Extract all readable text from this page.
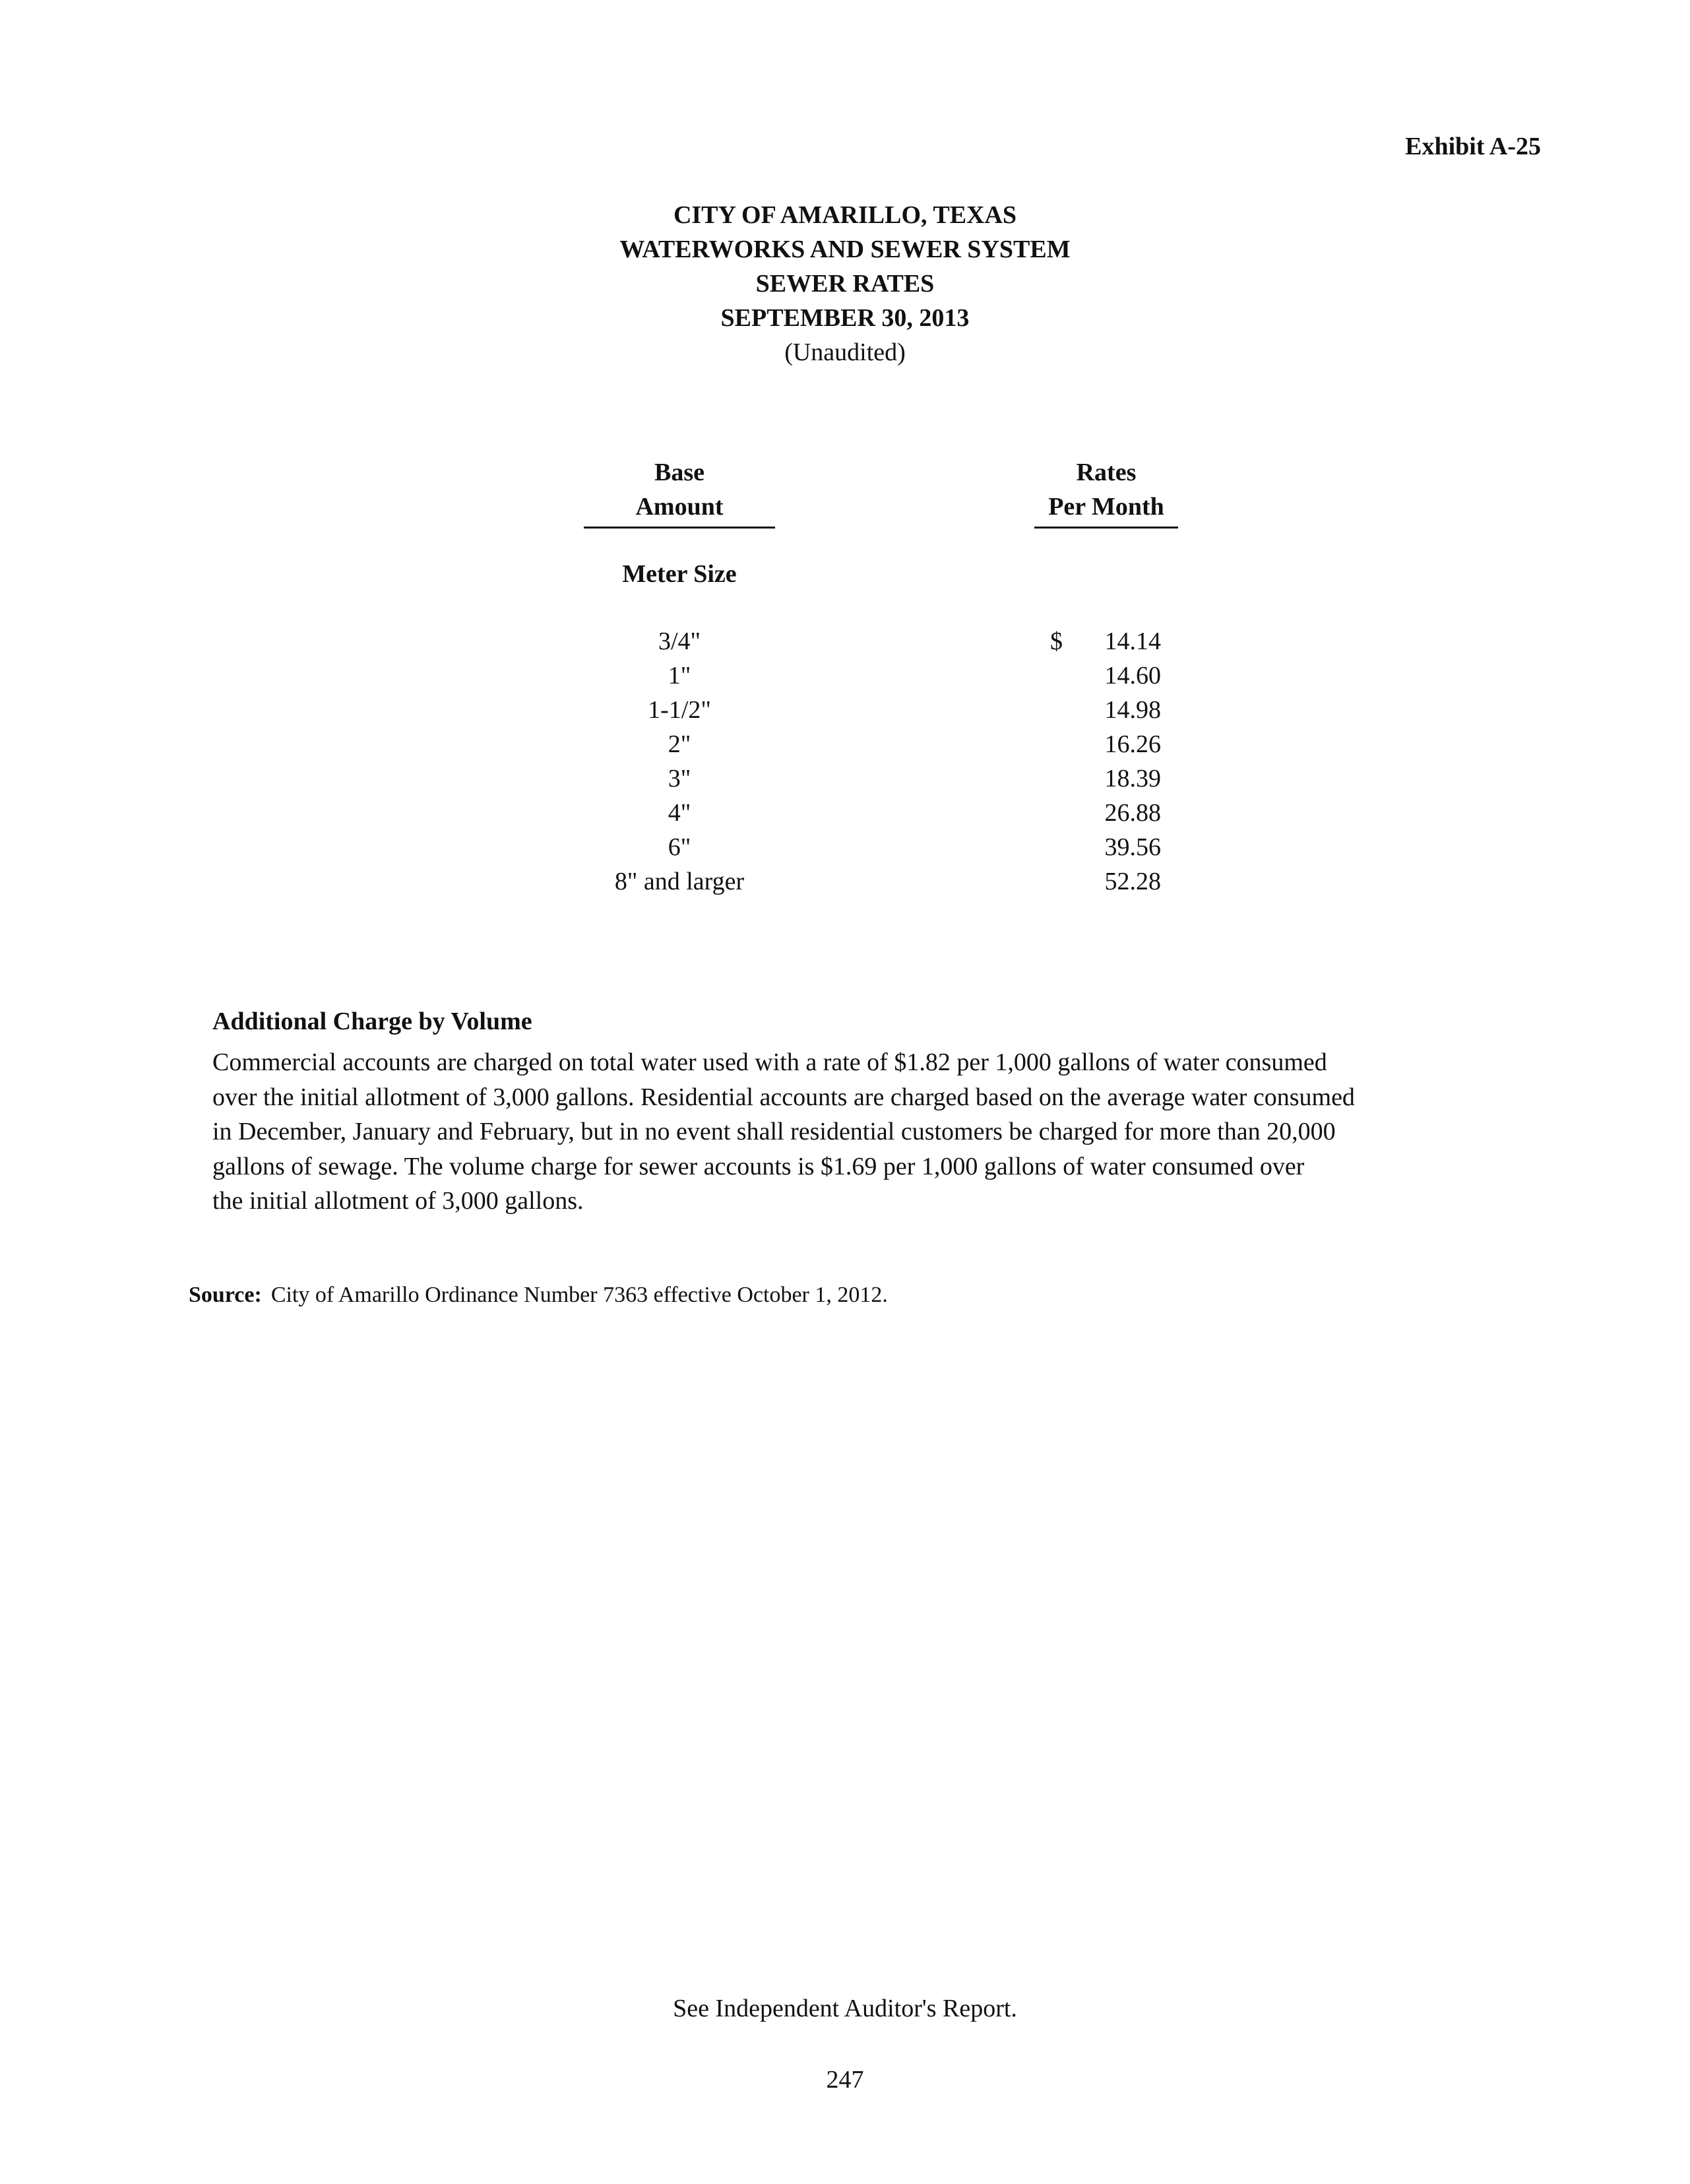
Exhibit A-25
CITY OF AMARILLO, TEXAS
WATERWORKS AND SEWER SYSTEM
SEWER RATES
SEPTEMBER 30, 2013
(Unaudited)
Base
Amount
Rates
Per Month
Meter Size
3/4"	$	14.14
1"	14.60
1-1/2"	14.98
2"	16.26
3"	18.39
4"	26.88
6"	39.56
8" and larger	52.28
Additional Charge by Volume
Commercial accounts are charged on total water used with a rate of $1.82 per 1,000 gallons of water consumed
over the initial allotment of 3,000 gallons. Residential accounts are charged based on the average water consumed
in December, January and February, but in no event shall residential customers be charged for more than 20,000
gallons of sewage. The volume charge for sewer accounts is $1.69 per 1,000 gallons of water consumed over
the initial allotment of 3,000 gallons.
Source: City of Amarillo Ordinance Number 7363 effective October 1, 2012.
See Independent Auditor's Report.
247
